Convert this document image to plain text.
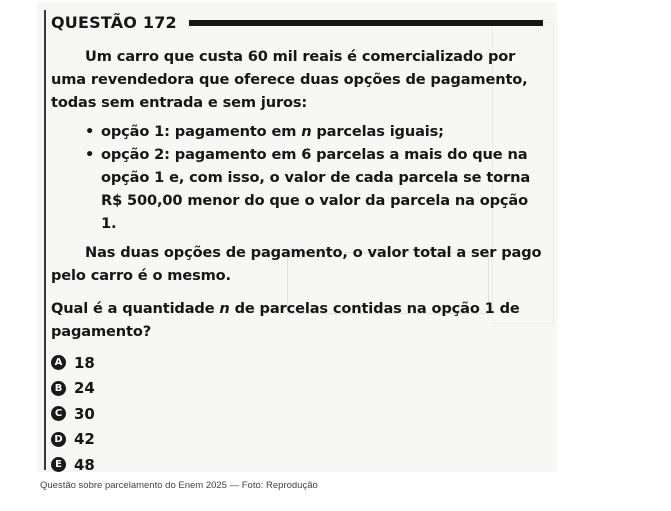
QUESTÃO 172

Um carro que custa 60 mil reais é comercializado por uma revendedora que oferece duas opções de pagamento, todas sem entrada e sem juros:

• opção 1: pagamento em n parcelas iguais;
• opção 2: pagamento em 6 parcelas a mais do que na opção 1 e, com isso, o valor de cada parcela se torna R$ 500,00 menor do que o valor da parcela na opção 1.

Nas duas opções de pagamento, o valor total a ser pago pelo carro é o mesmo.

Qual é a quantidade n de parcelas contidas na opção 1 de pagamento?

A 18
B 24
C 30
D 42
E 48
Questão sobre parcelamento do Enem 2025 — Foto: Reprodução
